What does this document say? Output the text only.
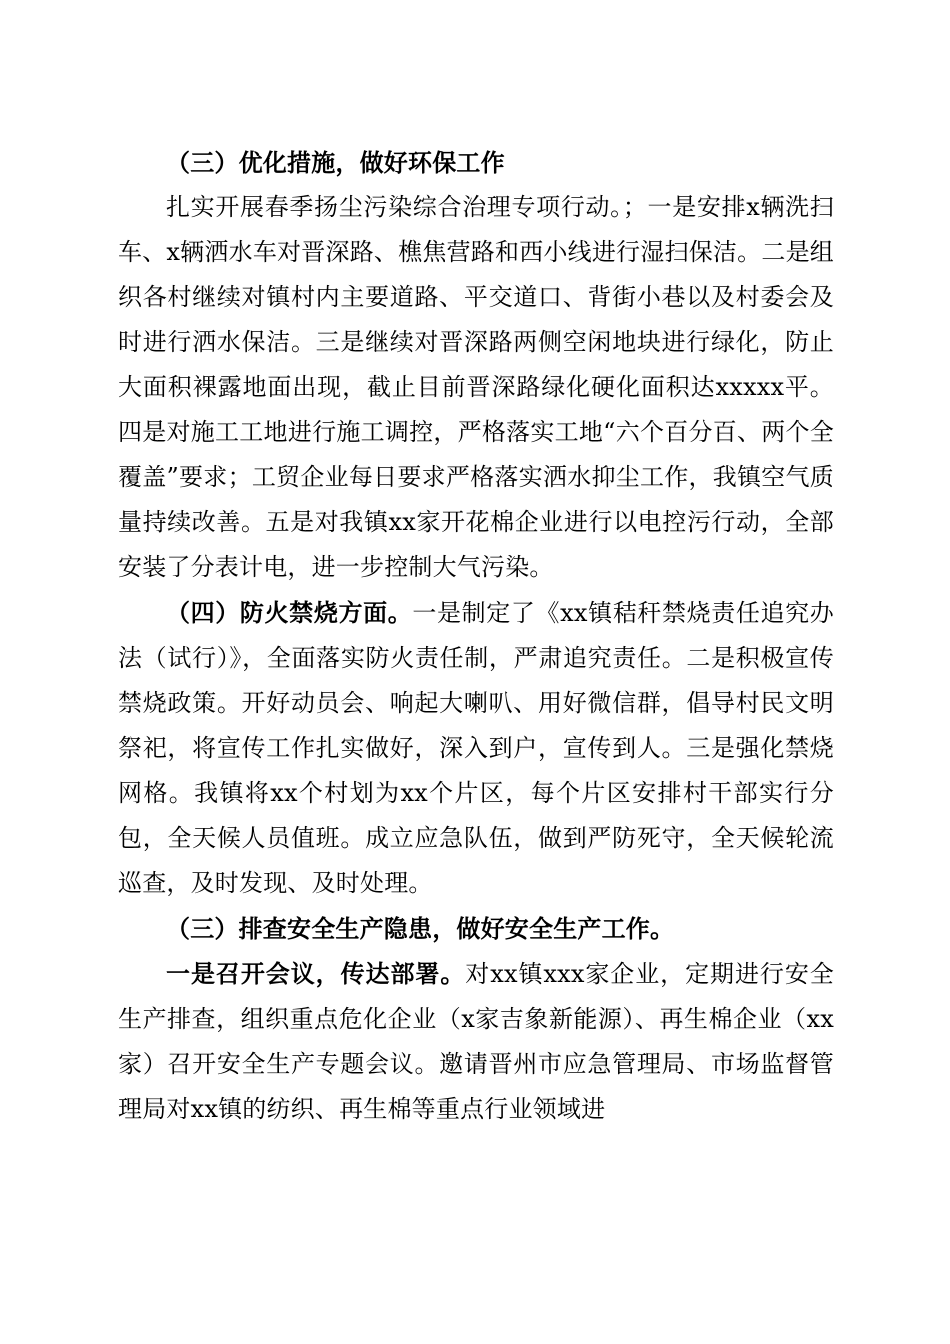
（三）优化措施，做好环保工作

扎实开展春季扬尘污染综合治理专项行动。；一是安排x辆洗扫车、x辆洒水车对晋深路、樵焦营路和西小线进行湿扫保洁。二是组织各村继续对镇村内主要道路、平交道口、背街小巷以及村委会及时进行洒水保洁。三是继续对晋深路两侧空闲地块进行绿化，防止大面积裸露地面出现，截止目前晋深路绿化硬化面积达xxxxx平。四是对施工工地进行施工调控，严格落实工地“六个百分百、两个全覆盖”要求；工贸企业每日要求严格落实洒水抑尘工作，我镇空气质量持续改善。五是对我镇xx家开花棉企业进行以电控污行动，全部安装了分表计电，进一步控制大气污染。

（四）防火禁烧方面。一是制定了《xx镇秸秆禁烧责任追究办法（试行）》，全面落实防火责任制，严肃追究责任。二是积极宣传禁烧政策。开好动员会、响起大喇叭、用好微信群，倡导村民文明祭祀，将宣传工作扎实做好，深入到户，宣传到人。三是强化禁烧网格。我镇将xx个村划为xx个片区，每个片区安排村干部实行分包，全天候人员值班。成立应急队伍，做到严防死守，全天候轮流巡查，及时发现、及时处理。

（三）排查安全生产隐患，做好安全生产工作。

一是召开会议，传达部署。对xx镇xxx家企业，定期进行安全生产排查，组织重点危化企业（x家吉象新能源）、再生棉企业（xx家）召开安全生产专题会议。邀请晋州市应急管理局、市场监督管理局对xx镇的纺织、再生棉等重点行业领域进
